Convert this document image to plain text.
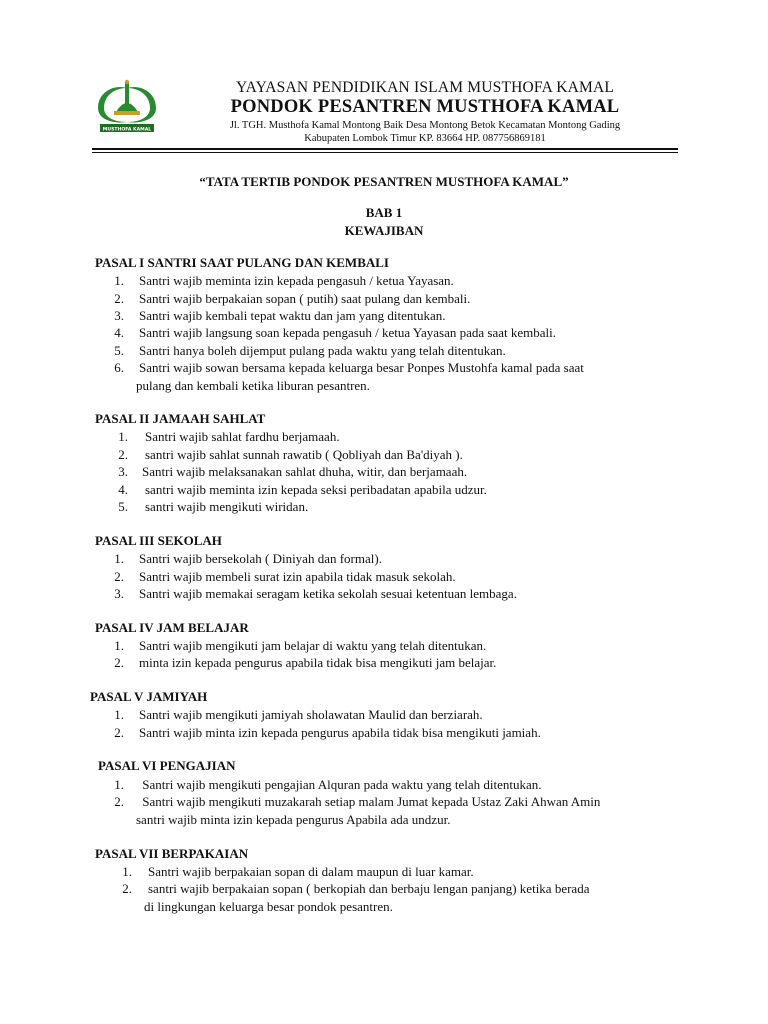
MUSTHOFA KAMAL
YAYASAN PENDIDIKAN ISLAM MUSTHOFA KAMAL
PONDOK PESANTREN MUSTHOFA KAMAL
Jl. TGH. Musthofa Kamal Montong Baik Desa Montong Betok Kecamatan Montong Gading
Kabupaten Lombok Timur KP. 83664 HP. 087756869181
“TATA TERTIB PONDOK PESANTREN MUSTHOFA KAMAL”
BAB 1
KEWAJIBAN
PASAL I SANTRI SAAT PULANG DAN KEMBALI
1. Santri wajib meminta izin kepada pengasuh / ketua Yayasan.
2. Santri wajib berpakaian sopan ( putih) saat pulang dan kembali.
3. Santri wajib kembali tepat waktu dan jam yang ditentukan.
4. Santri wajib langsung soan kepada pengasuh / ketua Yayasan pada saat kembali.
5. Santri hanya boleh dijemput pulang pada waktu yang telah ditentukan.
6. Santri wajib sowan bersama kepada keluarga besar Ponpes Mustohfa kamal pada saat
pulang dan kembali ketika liburan pesantren.
PASAL II JAMAAH SAHLAT
1. Santri wajib sahlat fardhu berjamaah.
2. santri wajib sahlat sunnah rawatib ( Qobliyah dan Ba'diyah ).
3. Santri wajib melaksanakan sahlat dhuha, witir, dan berjamaah.
4. santri wajib meminta izin kepada seksi peribadatan apabila udzur.
5. santri wajib mengikuti wiridan.
PASAL III SEKOLAH
1. Santri wajib bersekolah ( Diniyah dan formal).
2. Santri wajib membeli surat izin apabila tidak masuk sekolah.
3. Santri wajib memakai seragam ketika sekolah sesuai ketentuan lembaga.
PASAL IV JAM BELAJAR
1. Santri wajib mengikuti jam belajar di waktu yang telah ditentukan.
2. minta izin kepada pengurus apabila tidak bisa mengikuti jam belajar.
PASAL V JAMIYAH
1. Santri wajib mengikuti jamiyah sholawatan Maulid dan berziarah.
2. Santri wajib minta izin kepada pengurus apabila tidak bisa mengikuti jamiah.
PASAL VI PENGAJIAN
1. Santri wajib mengikuti pengajian Alquran pada waktu yang telah ditentukan.
2. Santri wajib mengikuti muzakarah setiap malam Jumat kepada Ustaz Zaki Ahwan Amin
santri wajib minta izin kepada pengurus Apabila ada undzur.
PASAL VII BERPAKAIAN
1. Santri wajib berpakaian sopan di dalam maupun di luar kamar.
2. santri wajib berpakaian sopan ( berkopiah dan berbaju lengan panjang) ketika berada
di lingkungan keluarga besar pondok pesantren.
